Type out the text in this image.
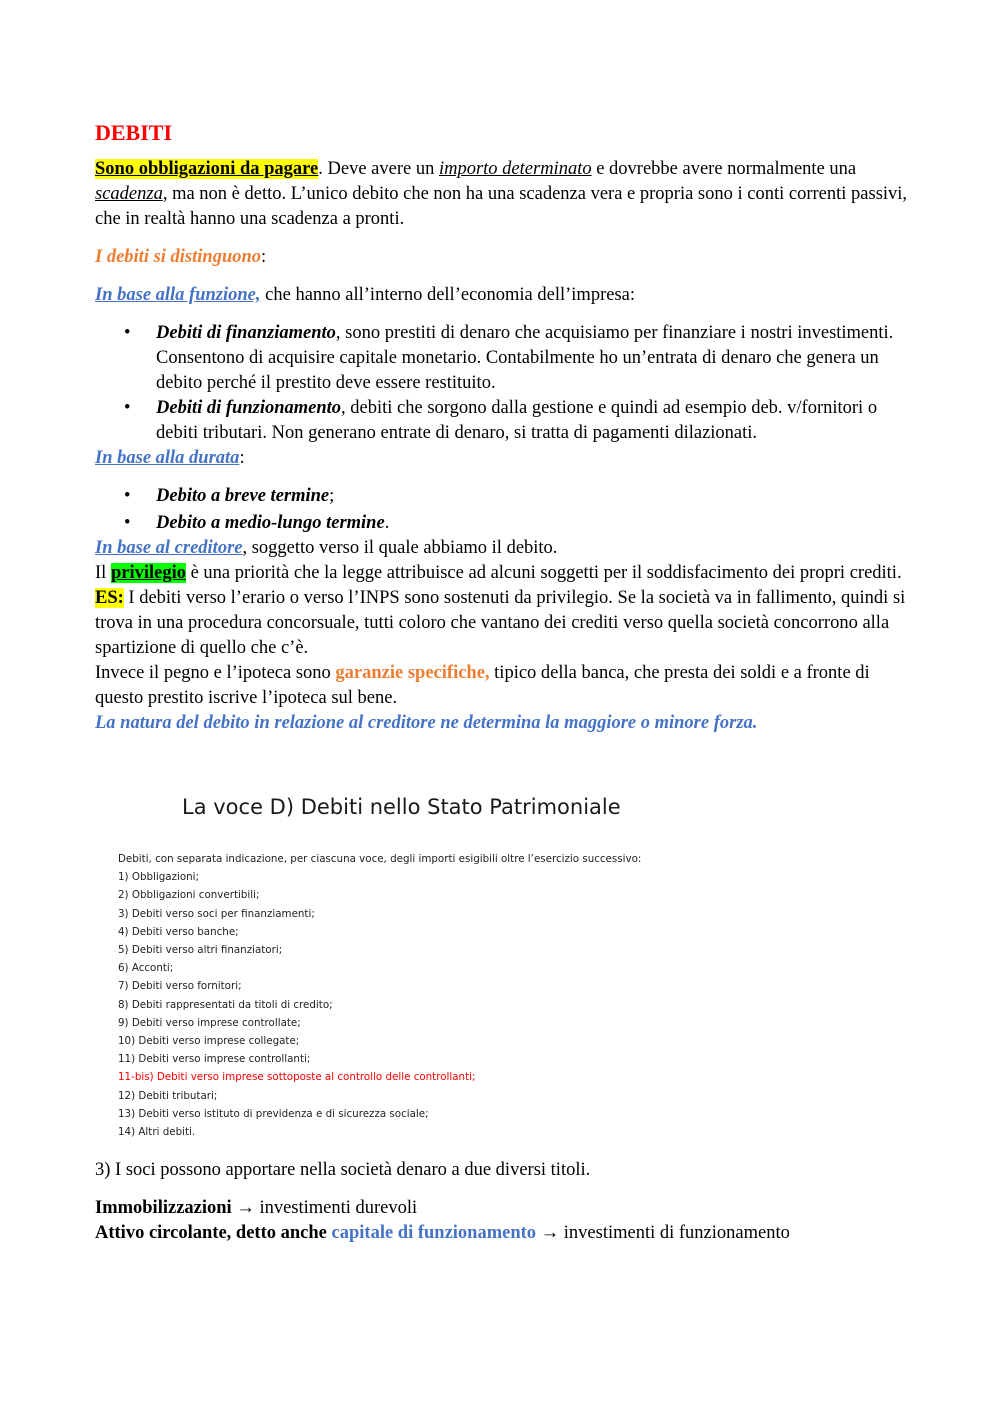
DEBITI

Sono obbligazioni da pagare. Deve avere un importo determinato e dovrebbe avere normalmente una scadenza, ma non è detto. L’unico debito che non ha una scadenza vera e propria sono i conti correnti passivi, che in realtà hanno una scadenza a pronti.

I debiti si distinguono:

In base alla funzione, che hanno all’interno dell’economia dell’impresa:

• Debiti di finanziamento, sono prestiti di denaro che acquisiamo per finanziare i nostri investimenti. Consentono di acquisire capitale monetario. Contabilmente ho un’entrata di denaro che genera un debito perché il prestito deve essere restituito.
• Debiti di funzionamento, debiti che sorgono dalla gestione e quindi ad esempio deb. v/fornitori o debiti tributari. Non generano entrate di denaro, si tratta di pagamenti dilazionati.

In base alla durata:

• Debito a breve termine;
• Debito a medio-lungo termine.

In base al creditore, soggetto verso il quale abbiamo il debito.

Il privilegio è una priorità che la legge attribuisce ad alcuni soggetti per il soddisfacimento dei propri crediti. ES: I debiti verso l’erario o verso l’INPS sono sostenuti da privilegio. Se la società va in fallimento, quindi si trova in una procedura concorsuale, tutti coloro che vantano dei crediti verso quella società concorrono alla spartizione di quello che c’è.

Invece il pegno e l’ipoteca sono garanzie specifiche, tipico della banca, che presta dei soldi e a fronte di questo prestito iscrive l’ipoteca sul bene.

La natura del debito in relazione al creditore ne determina la maggiore o minore forza.

La voce D) Debiti nello Stato Patrimoniale
Debiti, con separata indicazione, per ciascuna voce, degli importi esigibili oltre l’esercizio successivo:
1) Obbligazioni;
2) Obbligazioni convertibili;
3) Debiti verso soci per finanziamenti;
4) Debiti verso banche;
5) Debiti verso altri finanziatori;
6) Acconti;
7) Debiti verso fornitori;
8) Debiti rappresentati da titoli di credito;
9) Debiti verso imprese controllate;
10) Debiti verso imprese collegate;
11) Debiti verso imprese controllanti;
11-bis) Debiti verso imprese sottoposte al controllo delle controllanti;
12) Debiti tributari;
13) Debiti verso istituto di previdenza e di sicurezza sociale;
14) Altri debiti.

3) I soci possono apportare nella società denaro a due diversi titoli.

Immobilizzazioni → investimenti durevoli

Attivo circolante, detto anche capitale di funzionamento → investimenti di funzionamento
